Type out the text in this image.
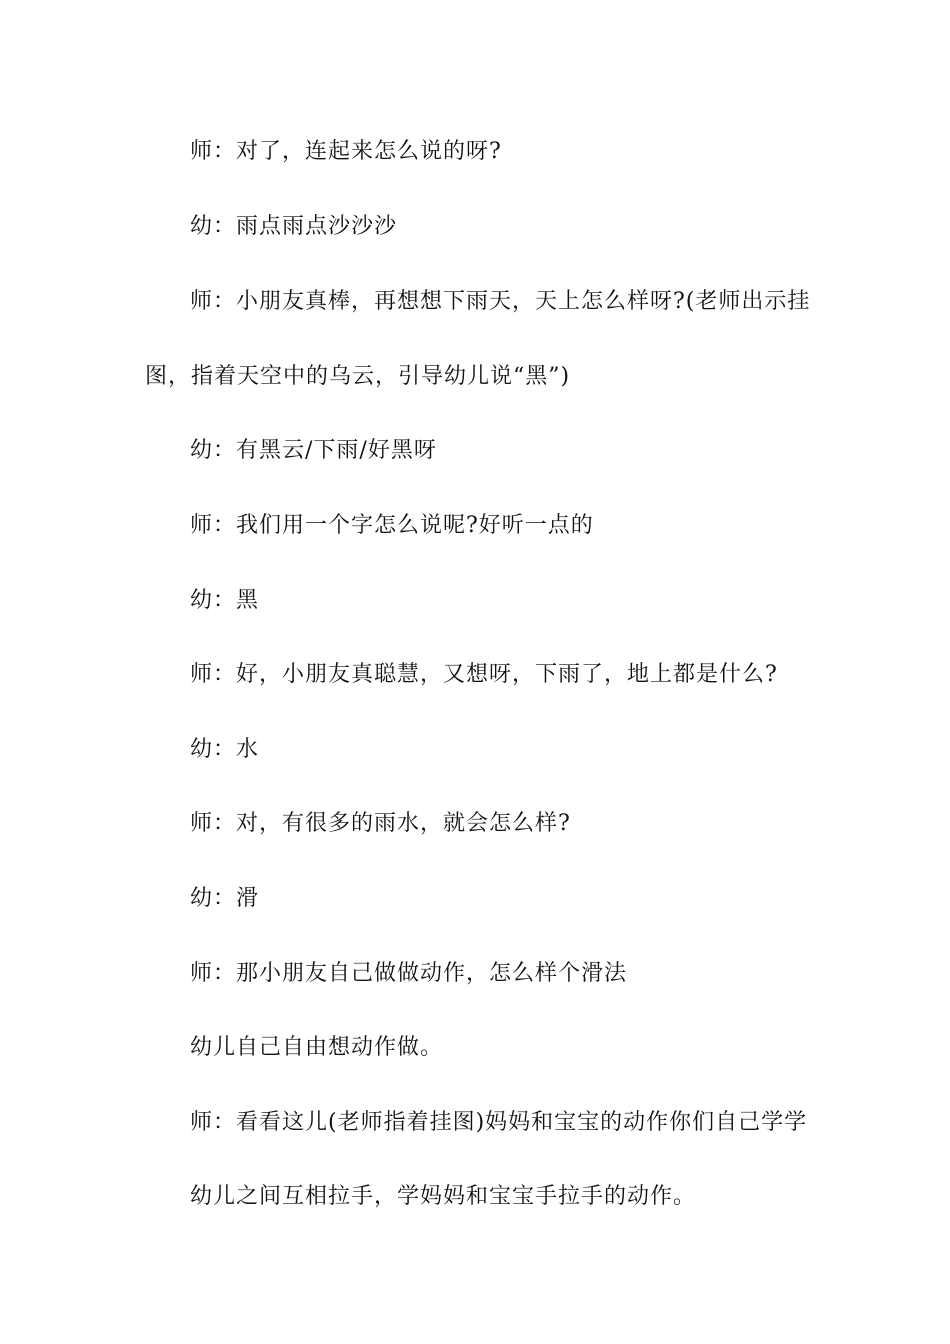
师：对了，连起来怎么说的呀?
幼：雨点雨点沙沙沙
师：小朋友真棒，再想想下雨天，天上怎么样呀?(老师出示挂
图，指着天空中的乌云，引导幼儿说“黑”)
幼：有黑云/下雨/好黑呀
师：我们用一个字怎么说呢?好听一点的
幼：黑
师：好，小朋友真聪慧，又想呀，下雨了，地上都是什么?
幼：水
师：对，有很多的雨水，就会怎么样?
幼：滑
师：那小朋友自己做做动作，怎么样个滑法
幼儿自己自由想动作做。
师：看看这儿(老师指着挂图)妈妈和宝宝的动作你们自己学学
幼儿之间互相拉手，学妈妈和宝宝手拉手的动作。
